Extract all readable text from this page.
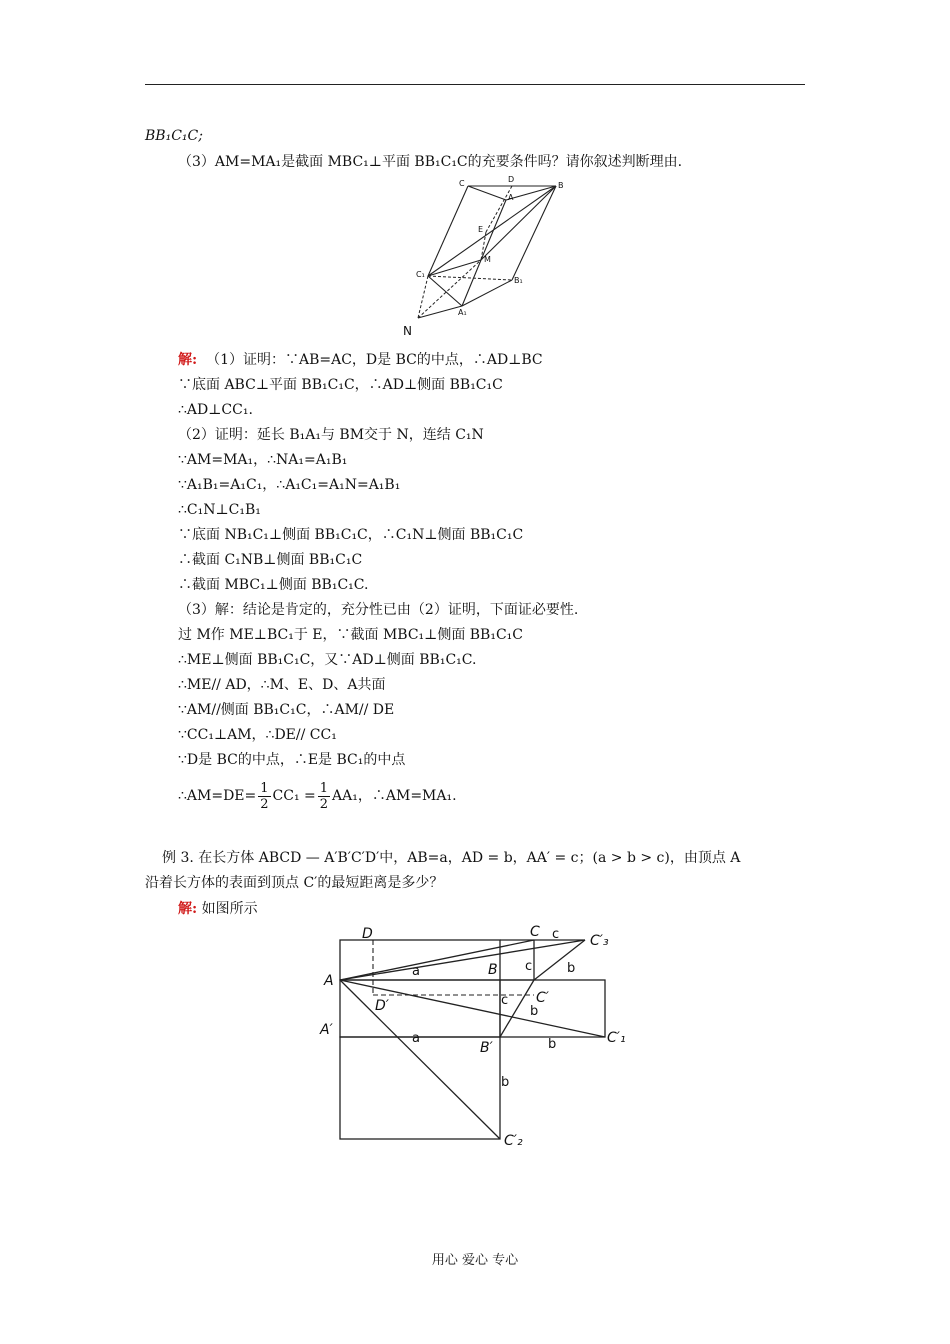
BB₁C₁C;
（3）AM=MA₁是截面 MBC₁⊥平面 BB₁C₁C的充要条件吗？请你叙述判断理由.
C	D
B
A
E
M
C₁
B₁
A₁
N
解: （1）证明：∵AB=AC，D是 BC的中点，∴AD⊥BC
∵底面 ABC⊥平面 BB₁C₁C，∴AD⊥侧面 BB₁C₁C
∴AD⊥CC₁.
（2）证明：延长 B₁A₁与 BM交于 N，连结 C₁N
∵AM=MA₁，∴NA₁=A₁B₁
∵A₁B₁=A₁C₁，∴A₁C₁=A₁N=A₁B₁
∴C₁N⊥C₁B₁
∵底面 NB₁C₁⊥侧面 BB₁C₁C，∴C₁N⊥侧面 BB₁C₁C
∴截面 C₁NB⊥侧面 BB₁C₁C
∴截面 MBC₁⊥侧面 BB₁C₁C.
（3）解：结论是肯定的，充分性已由（2）证明，下面证必要性.
过 M作 ME⊥BC₁于 E，∵截面 MBC₁⊥侧面 BB₁C₁C
∴ME⊥侧面 BB₁C₁C，又∵AD⊥侧面 BB₁C₁C.
∴ME// AD，∴M、E、D、A共面
∵AM//侧面 BB₁C₁C，∴AM// DE
∵CC₁⊥AM，∴DE// CC₁
∵D是 BC的中点，∴E是 BC₁的中点
∴AM=DE= $\frac{1}{2} CC_1 = \frac{1}{2} AA_1$，∴AM=MA₁.
例 3. 在长方体 ABCD — A′B′C′D′中，AB=a，AD = b，AA′ = c；(a > b > c)，由顶点 A
沿着长方体的表面到顶点 C′的最短距离是多少？
解: 如图所示
D	C c C′₃
A
a	B c	b
D′	C′
c
b
A′
a
B′	b	C′₁
b
C′₂
用心 爱心 专心
